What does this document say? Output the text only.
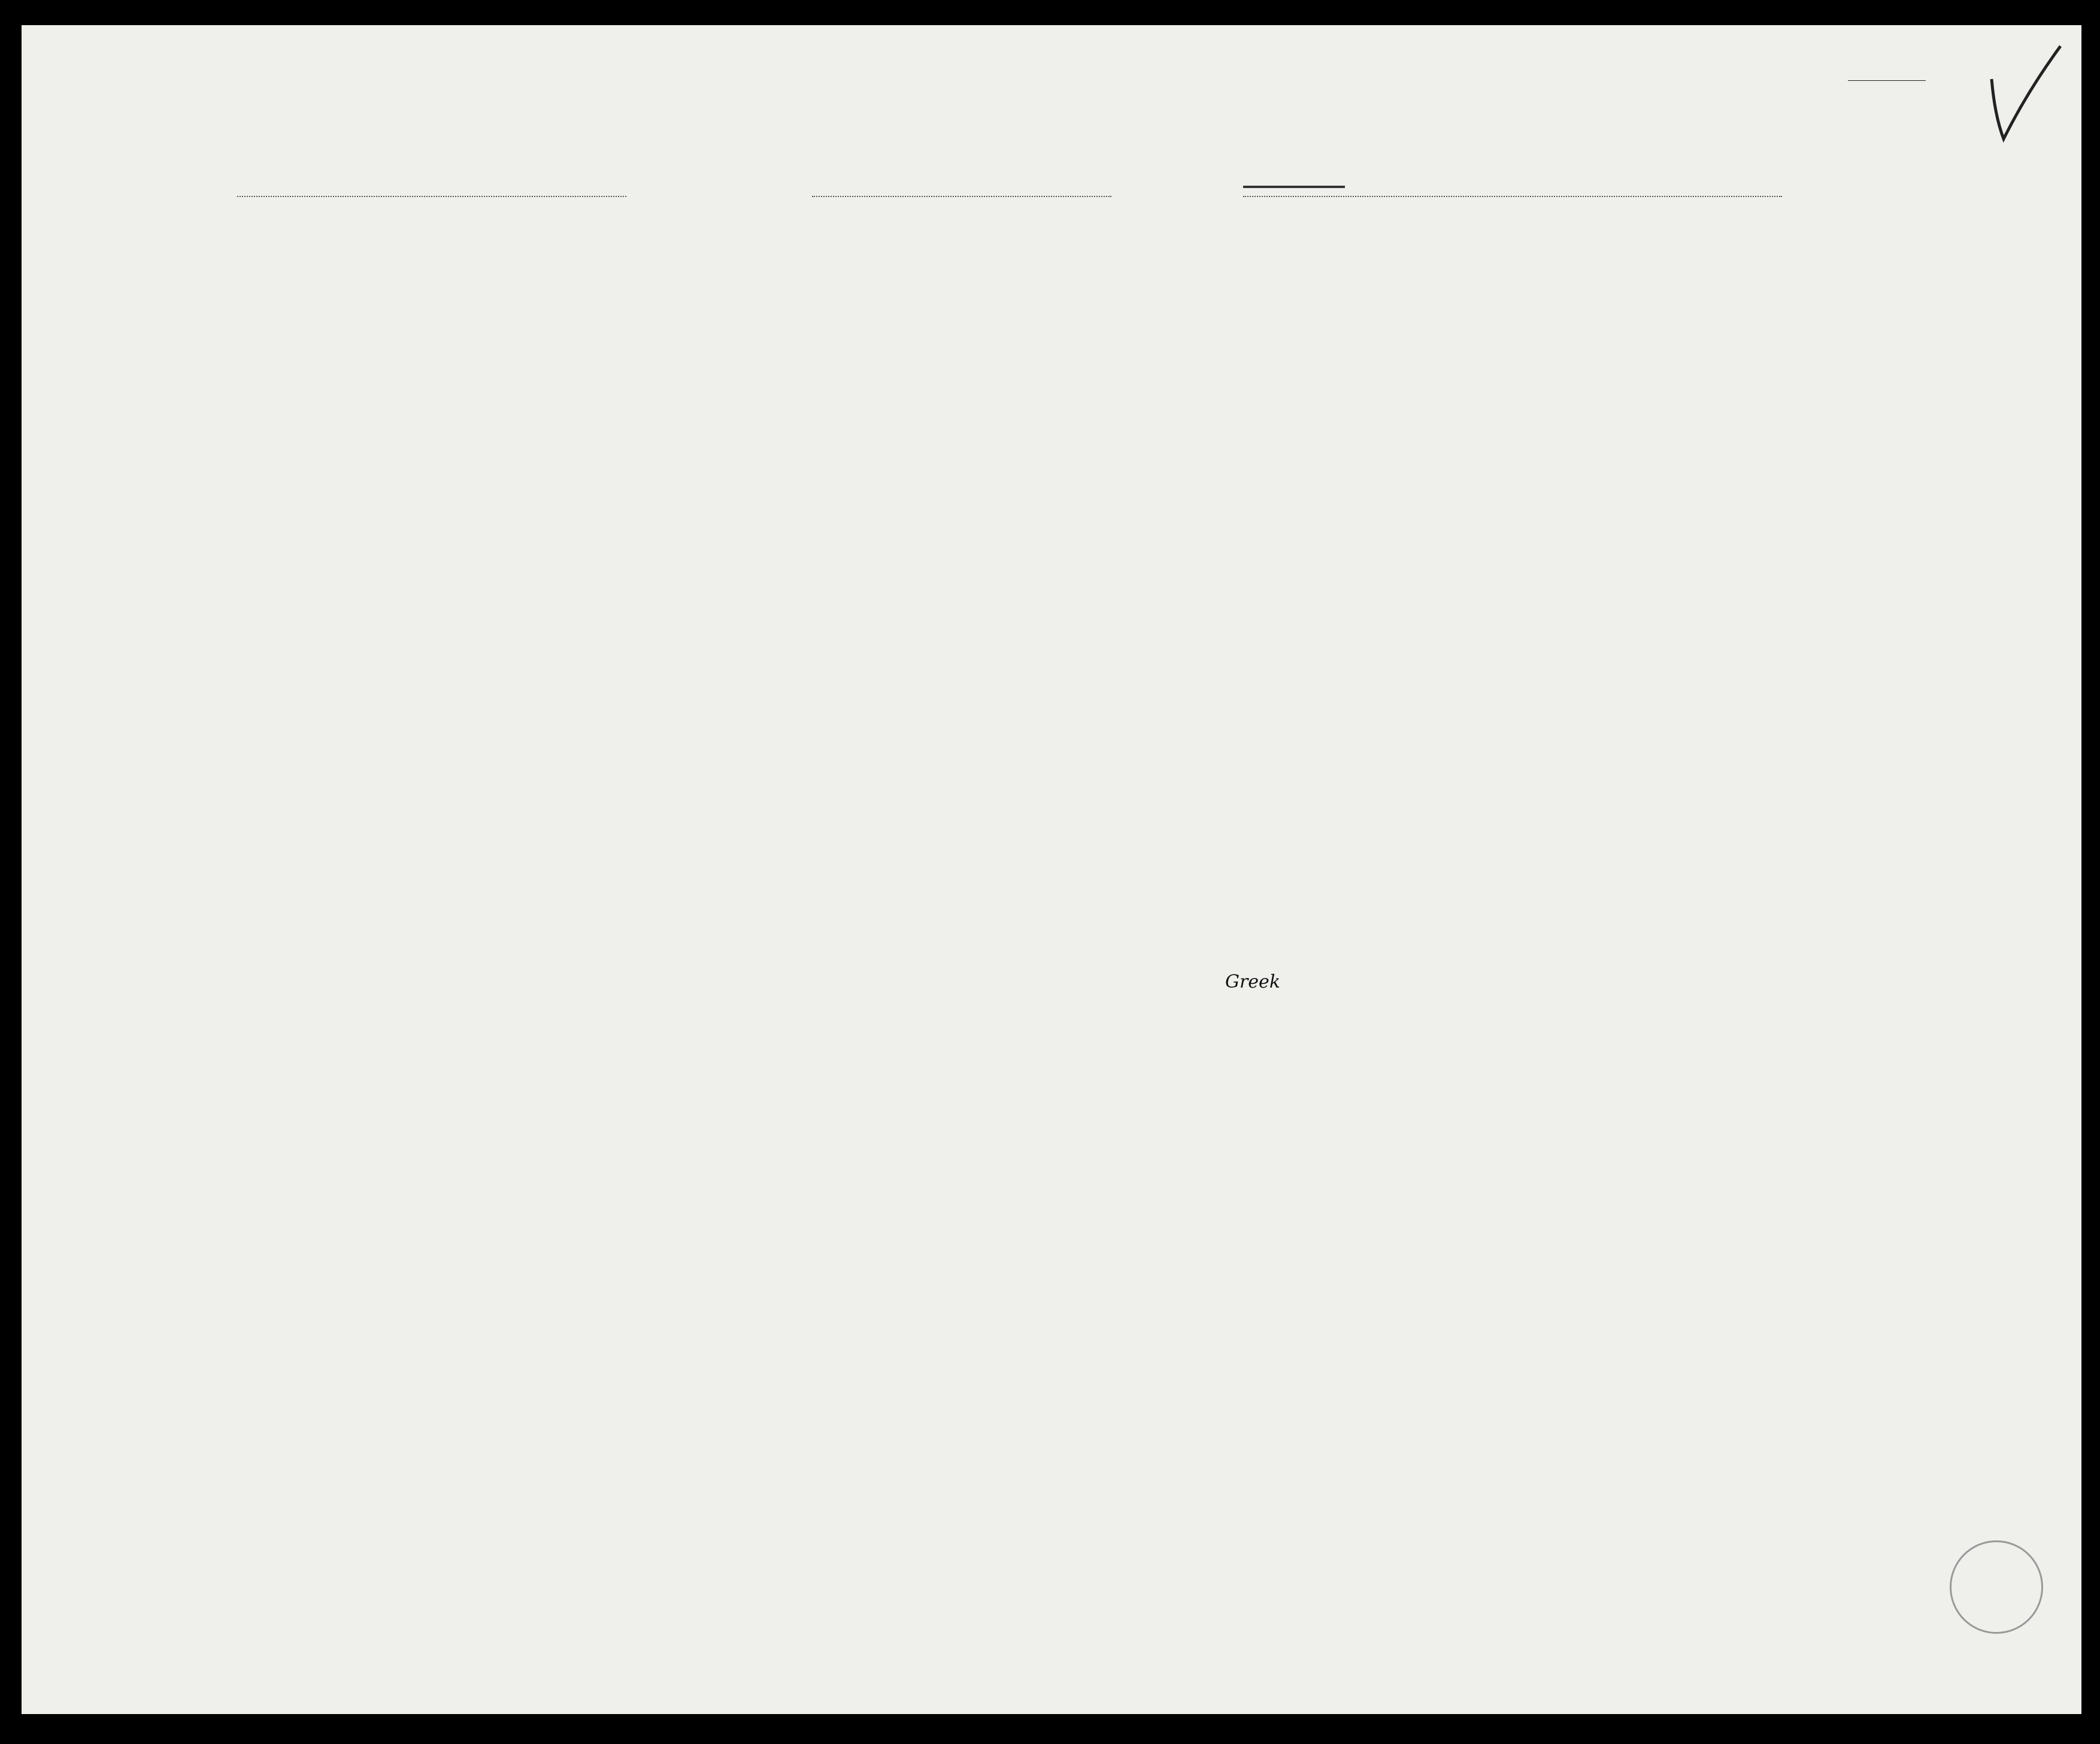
Greek
